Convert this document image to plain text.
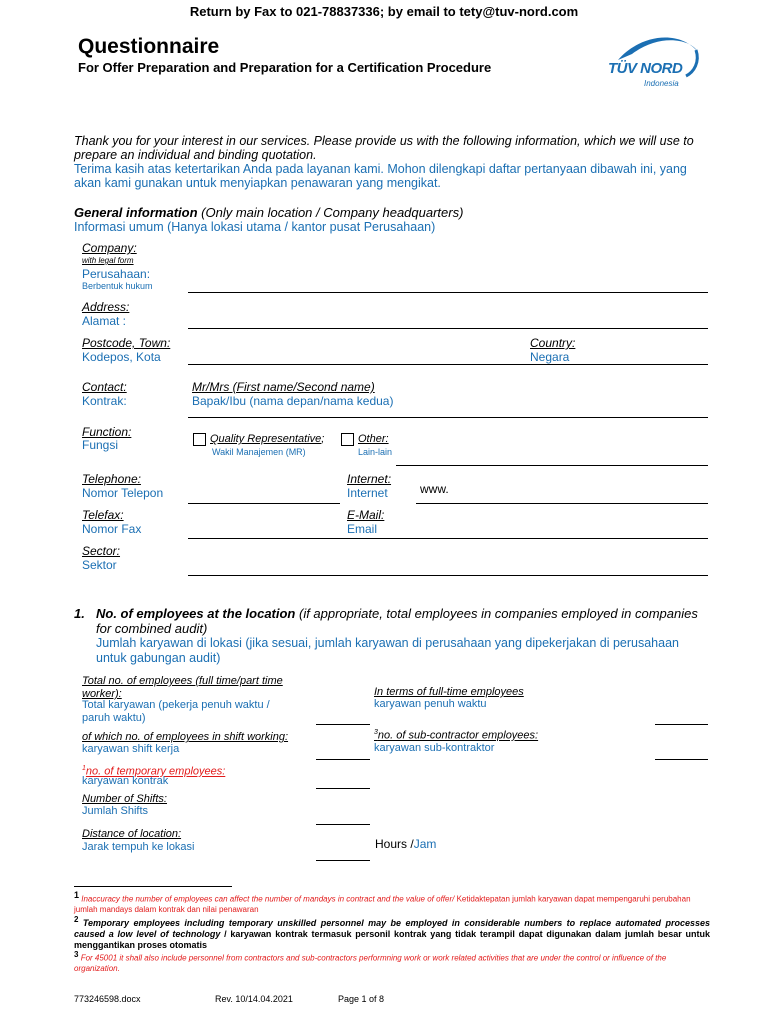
Return by Fax to 021-78837336; by email to tety@tuv-nord.com
Questionnaire
For Offer Preparation and Preparation for a Certification Procedure	TÜV NORD
Indonesia
Thank you for your interest in our services. Please provide us with the following information, which we will use to prepare an individual and binding quotation.
Terima kasih atas ketertarikan Anda pada layanan kami. Mohon dilengkapi daftar pertanyaan dibawah ini, yang akan kami gunakan untuk menyiapkan penawaran yang mengikat.
General information (Only main location / Company headquarters)
Informasi umum (Hanya lokasi utama / kantor pusat Perusahaan)
Company:
with legal form
Perusahaan:
Berbentuk hukum
Address:
Alamat :
Postcode, Town:
Kodepos, Kota
Country:
Negara
Contact:
Kontrak:
Mr/Mrs (First name/Second name)
Bapak/Ibu (nama depan/nama kedua)
Function:
Fungsi	Quality Representative;
Wakil Manajemen (MR)
Other:
Lain-lain
Telephone:
Nomor Telepon
Internet:
Internet	www.
Telefax:
Nomor Fax
E-Mail:
Email
Sector:
Sektor
1. No. of employees at the location (if appropriate, total employees in companies employed in companies for combined audit)
Jumlah karyawan di lokasi (jika sesuai, jumlah karyawan di perusahaan yang dipekerjakan di perusahaan untuk gabungan audit)
Total no. of employees (full time/part time worker):
Total karyawan (pekerja penuh waktu / paruh waktu)
of which no. of employees in shift working:
karyawan shift kerja
$^1$no. of temporary employees:
karyawan kontrak
Number of Shifts:
Jumlah Shifts
Distance of location:
Jarak tempuh ke lokasi	Hours /Jam
In terms of full-time employees
karyawan penuh waktu
$^3$no. of sub-contractor employees:
karyawan sub-kontraktor
$^1$ Inaccuracy the number of employees can affect the number of mandays in contract and the value of offer/ Ketidaktepatan jumlah karyawan dapat mempengaruhi perubahan jumlah mandays dalam kontrak dan nilai penawaran
$^2$ Temporary employees including temporary unskilled personnel may be employed in considerable numbers to replace automated processes caused a low level of technology / karyawan kontrak termasuk personil kontrak yang tidak terampil dapat digunakan dalam jumlah besar untuk menggantikan proses otomatis
$^3$ For 45001 it shall also include personnel from contractors and sub-contractors performning work or work related activities that are under the control or influence of the organization.
773246598.docx	Rev. 10/14.04.2021	Page 1 of 8
